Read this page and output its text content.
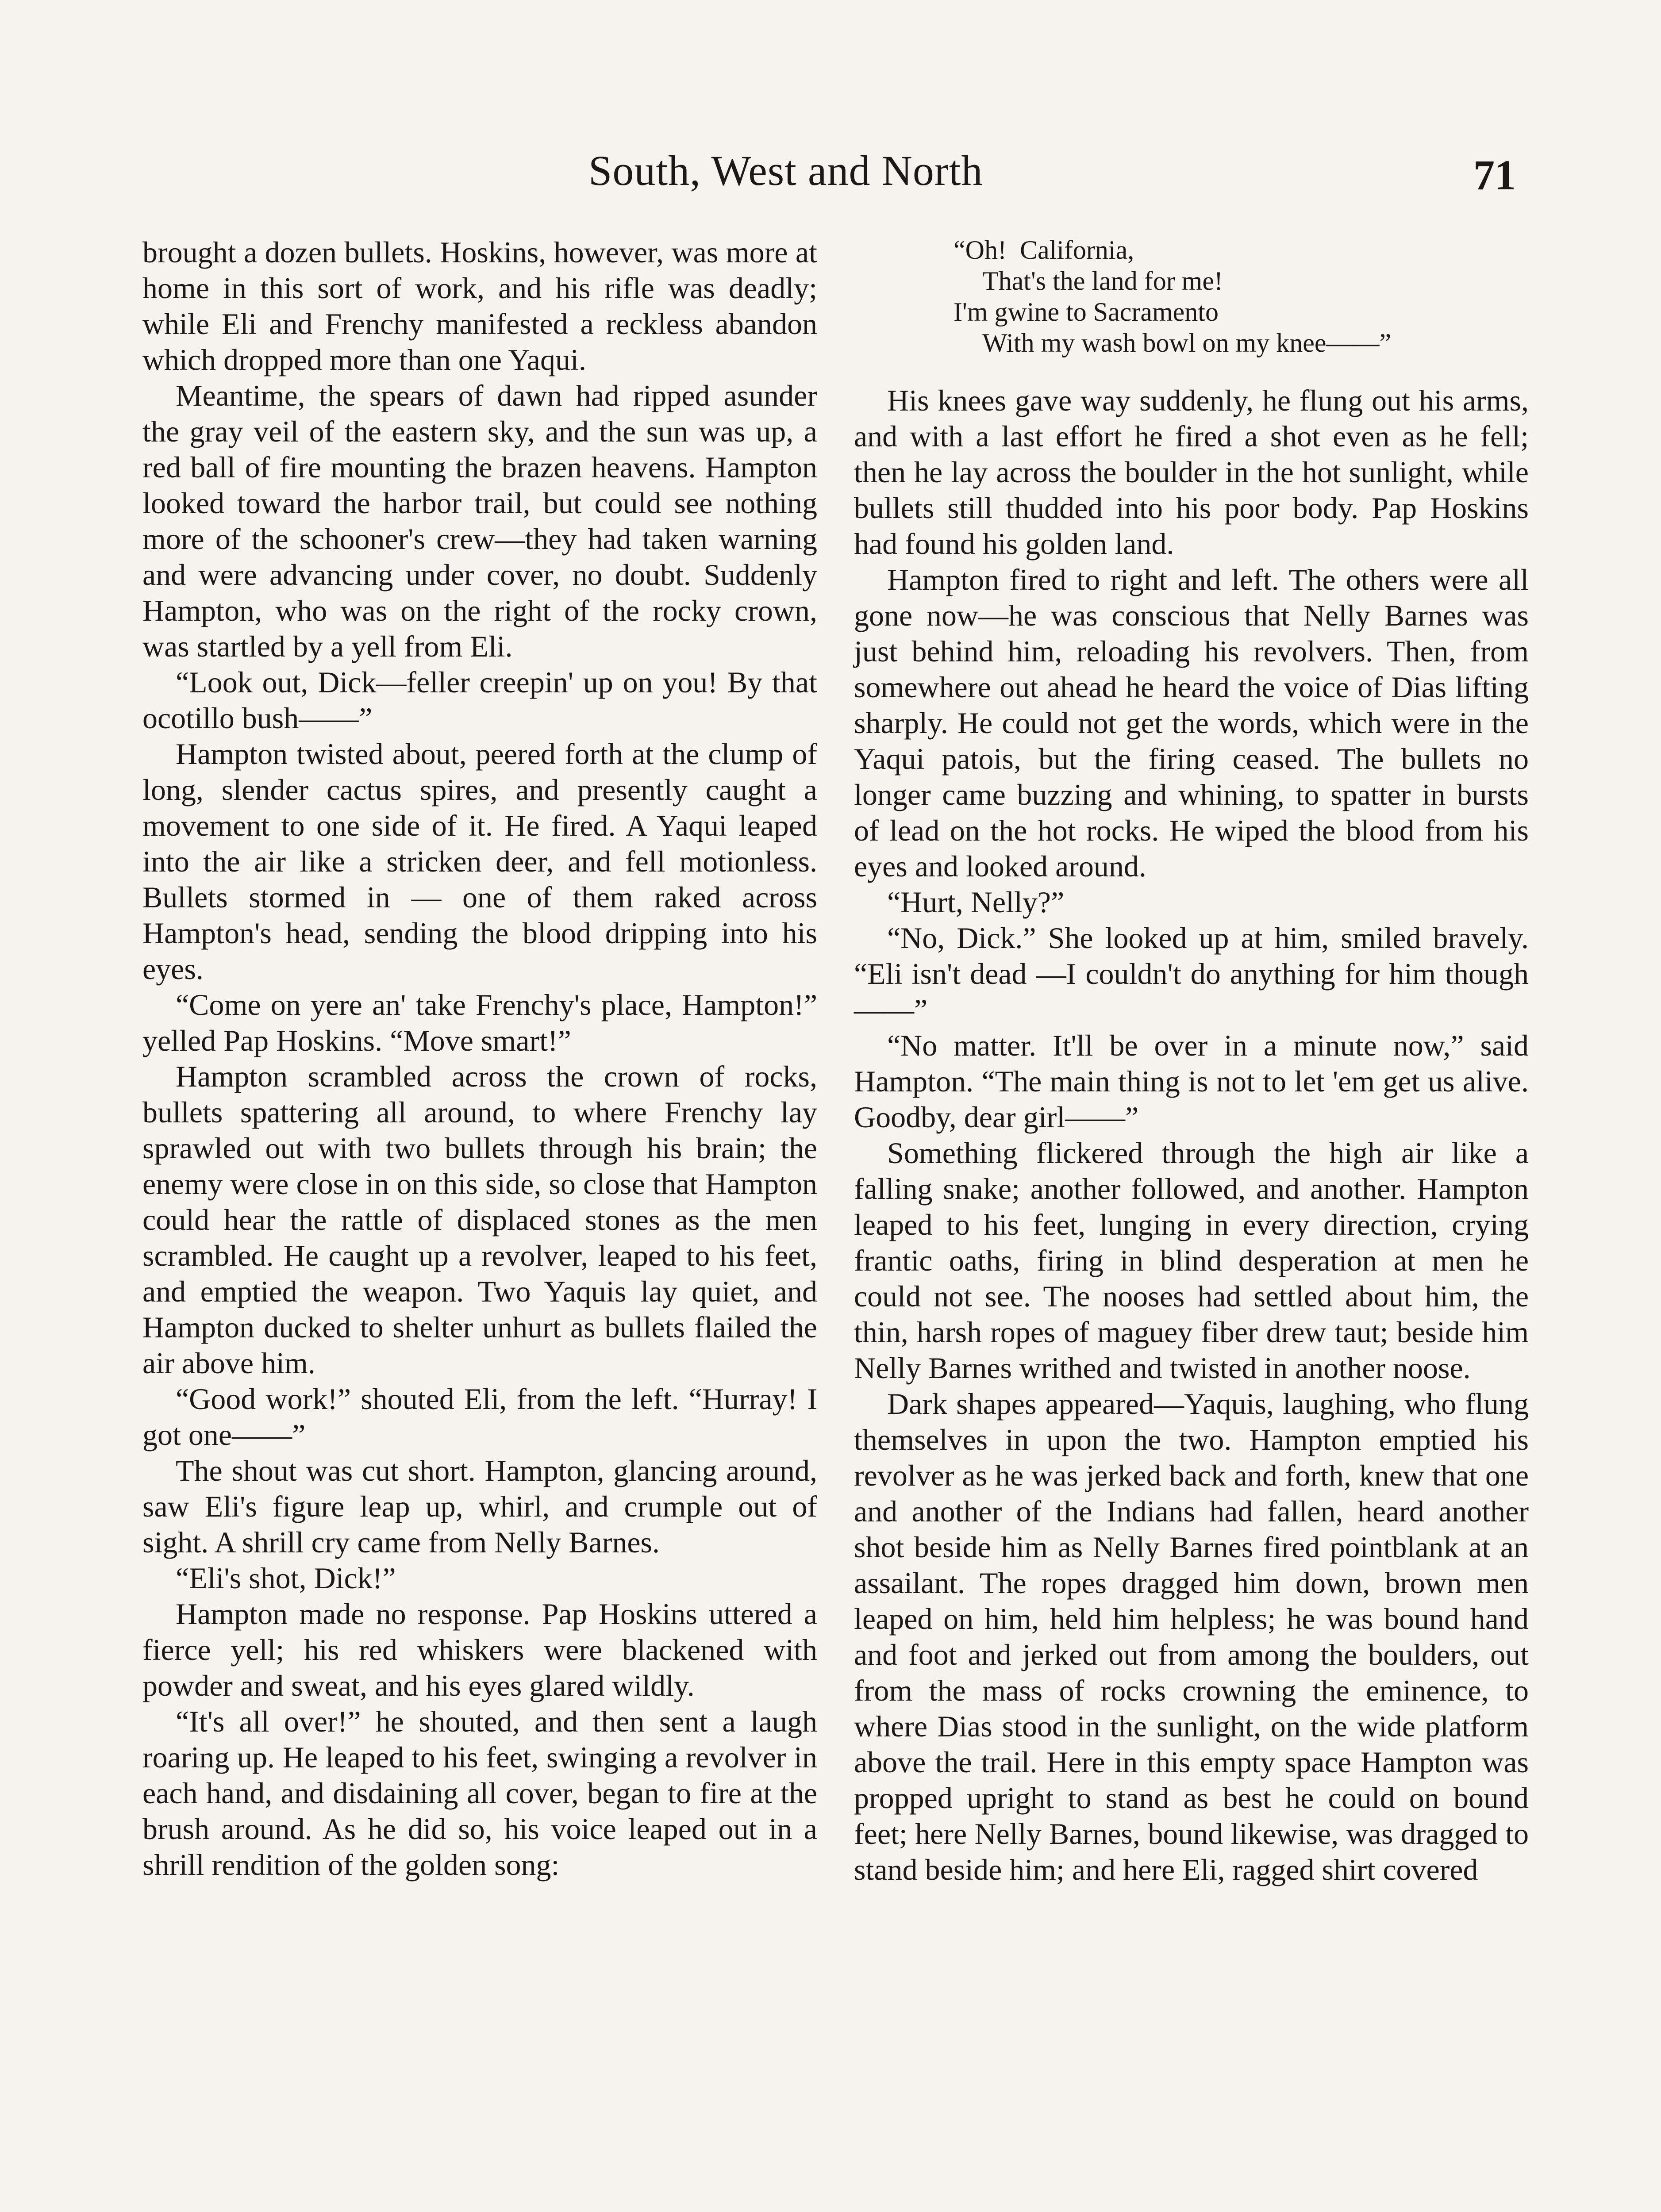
South, West and North	71

brought a dozen bullets. Hoskins, however, was more at home in this sort of work, and his rifle was deadly; while Eli and Frenchy manifested a reckless abandon which dropped more than one Yaqui.

Meantime, the spears of dawn had ripped asunder the gray veil of the eastern sky, and the sun was up, a red ball of fire mounting the brazen heavens. Hampton looked toward the harbor trail, but could see nothing more of the schooner's crew—they had taken warning and were advancing under cover, no doubt. Suddenly Hampton, who was on the right of the rocky crown, was startled by a yell from Eli.

“Look out, Dick—feller creepin' up on you! By that ocotillo bush——”

Hampton twisted about, peered forth at the clump of long, slender cactus spires, and presently caught a movement to one side of it. He fired. A Yaqui leaped into the air like a stricken deer, and fell motionless. Bullets stormed in — one of them raked across Hampton's head, sending the blood dripping into his eyes.

“Come on yere an' take Frenchy's place, Hampton!” yelled Pap Hoskins. “Move smart!”

Hampton scrambled across the crown of rocks, bullets spattering all around, to where Frenchy lay sprawled out with two bullets through his brain; the enemy were close in on this side, so close that Hampton could hear the rattle of displaced stones as the men scrambled. He caught up a revolver, leaped to his feet, and emptied the weapon. Two Yaquis lay quiet, and Hampton ducked to shelter unhurt as bullets flailed the air above him.

“Good work!” shouted Eli, from the left. “Hurray! I got one——”

The shout was cut short. Hampton, glancing around, saw Eli's figure leap up, whirl, and crumple out of sight. A shrill cry came from Nelly Barnes.

“Eli's shot, Dick!”

Hampton made no response. Pap Hoskins uttered a fierce yell; his red whiskers were blackened with powder and sweat, and his eyes glared wildly.

“It's all over!” he shouted, and then sent a laugh roaring up. He leaped to his feet, swinging a revolver in each hand, and disdaining all cover, began to fire at the brush around. As he did so, his voice leaped out in a shrill rendition of the golden song:

“Oh!  California,
That's the land for me!
I'm gwine to Sacramento
With my wash bowl on my knee——”

His knees gave way suddenly, he flung out his arms, and with a last effort he fired a shot even as he fell; then he lay across the boulder in the hot sunlight, while bullets still thudded into his poor body. Pap Hoskins had found his golden land.

Hampton fired to right and left. The others were all gone now—he was conscious that Nelly Barnes was just behind him, reloading his revolvers. Then, from somewhere out ahead he heard the voice of Dias lifting sharply. He could not get the words, which were in the Yaqui patois, but the firing ceased. The bullets no longer came buzzing and whining, to spatter in bursts of lead on the hot rocks. He wiped the blood from his eyes and looked around.

“Hurt, Nelly?”

“No, Dick.” She looked up at him, smiled bravely. “Eli isn't dead —I couldn't do anything for him though——”

“No matter. It'll be over in a minute now,” said Hampton. “The main thing is not to let 'em get us alive. Goodby, dear girl——”

Something flickered through the high air like a falling snake; another followed, and another. Hampton leaped to his feet, lunging in every direction, crying frantic oaths, firing in blind desperation at men he could not see. The nooses had settled about him, the thin, harsh ropes of maguey fiber drew taut; beside him Nelly Barnes writhed and twisted in another noose.

Dark shapes appeared—Yaquis, laughing, who flung themselves in upon the two. Hampton emptied his revolver as he was jerked back and forth, knew that one and another of the Indians had fallen, heard another shot beside him as Nelly Barnes fired pointblank at an assailant. The ropes dragged him down, brown men leaped on him, held him helpless; he was bound hand and foot and jerked out from among the boulders, out from the mass of rocks crowning the eminence, to where Dias stood in the sunlight, on the wide platform above the trail. Here in this empty space Hampton was propped upright to stand as best he could on bound feet; here Nelly Barnes, bound likewise, was dragged to stand beside him; and here Eli, ragged shirt covered
